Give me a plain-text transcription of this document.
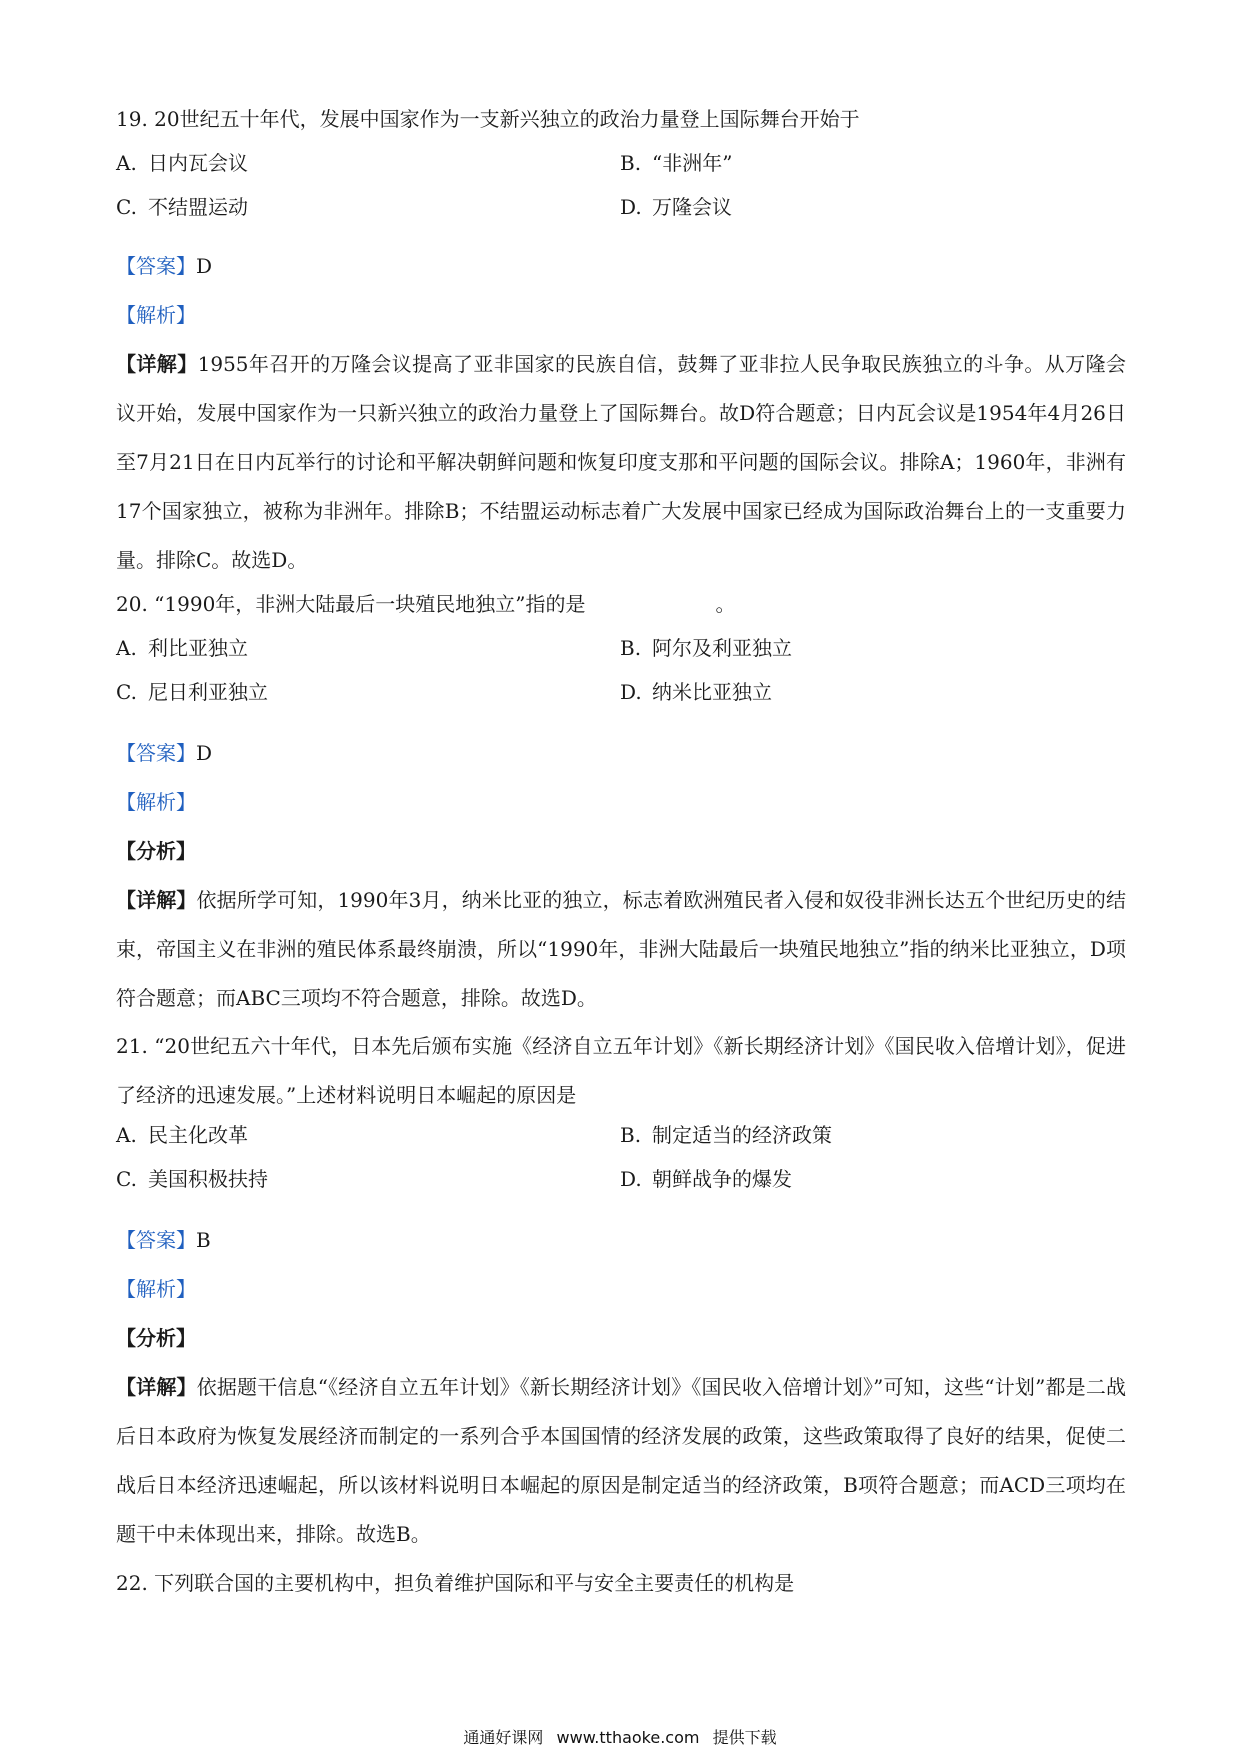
19. 20世纪五十年代，发展中国家作为一支新兴独立的政治力量登上国际舞台开始于
A. 日内瓦会议	B. “非洲年”
C. 不结盟运动	D. 万隆会议
【答案】D
【解析】
【详解】1955年召开的万隆会议提高了亚非国家的民族自信，鼓舞了亚非拉人民争取民族独立的斗争。从万隆会议开始，发展中国家作为一只新兴独立的政治力量登上了国际舞台。故D符合题意；日内瓦会议是1954年4月26日至7月21日在日内瓦举行的讨论和平解决朝鲜问题和恢复印度支那和平问题的国际会议。排除A；1960年，非洲有17个国家独立，被称为非洲年。排除B；不结盟运动标志着广大发展中国家已经成为国际政治舞台上的一支重要力量。排除C。故选D。
20. “1990年，非洲大陆最后一块殖民地独立”指的是	。
A. 利比亚独立	B. 阿尔及利亚独立
C. 尼日利亚独立	D. 纳米比亚独立
【答案】D
【解析】
【分析】
【详解】依据所学可知，1990年3月，纳米比亚的独立，标志着欧洲殖民者入侵和奴役非洲长达五个世纪历史的结束，帝国主义在非洲的殖民体系最终崩溃，所以“1990年，非洲大陆最后一块殖民地独立”指的纳米比亚独立，D项符合题意；而ABC三项均不符合题意，排除。故选D。
21. “20世纪五六十年代，日本先后颁布实施《经济自立五年计划》《新长期经济计划》《国民收入倍增计划》，促进了经济的迅速发展。”上述材料说明日本崛起的原因是
A. 民主化改革	B. 制定适当的经济政策
C. 美国积极扶持	D. 朝鲜战争的爆发
【答案】B
【解析】
【分析】
【详解】依据题干信息“《经济自立五年计划》《新长期经济计划》《国民收入倍增计划》”可知，这些“计划”都是二战后日本政府为恢复发展经济而制定的一系列合乎本国国情的经济发展的政策，这些政策取得了良好的结果，促使二战后日本经济迅速崛起，所以该材料说明日本崛起的原因是制定适当的经济政策，B项符合题意；而ACD三项均在题干中未体现出来，排除。故选B。
22. 下列联合国的主要机构中，担负着维护国际和平与安全主要责任的机构是
通通好课网 www.tthaoke.com 提供下载
